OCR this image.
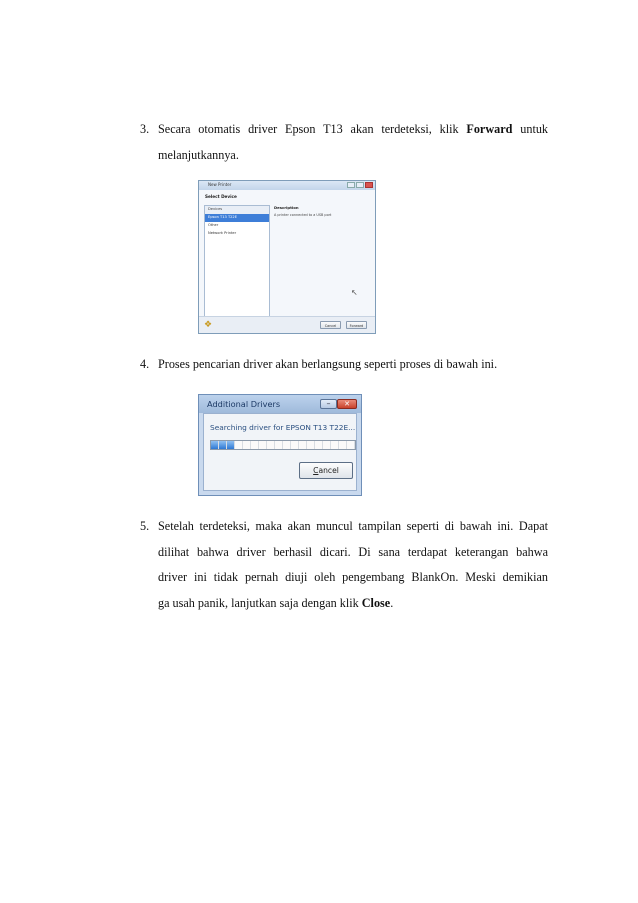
3. Secara otomatis driver Epson T13 akan terdeteksi, klik Forward untuk
melanjutkannya.
New Printer
Select Device
Devices
Epson T13 T22E
Other
Network Printer
Description
A printer connected to a USB port
↖
❖	Cancel	Forward
4. Proses pencarian driver akan berlangsung seperti proses di bawah ini.
Additional Drivers	–	✕
Searching driver for EPSON T13 T22E...
Cancel
5. Setelah terdeteksi, maka akan muncul tampilan seperti di bawah ini. Dapat
dilihat bahwa driver berhasil dicari. Di sana terdapat keterangan bahwa
driver ini tidak pernah diuji oleh pengembang BlankOn. Meski demikian
ga usah panik, lanjutkan saja dengan klik Close.
